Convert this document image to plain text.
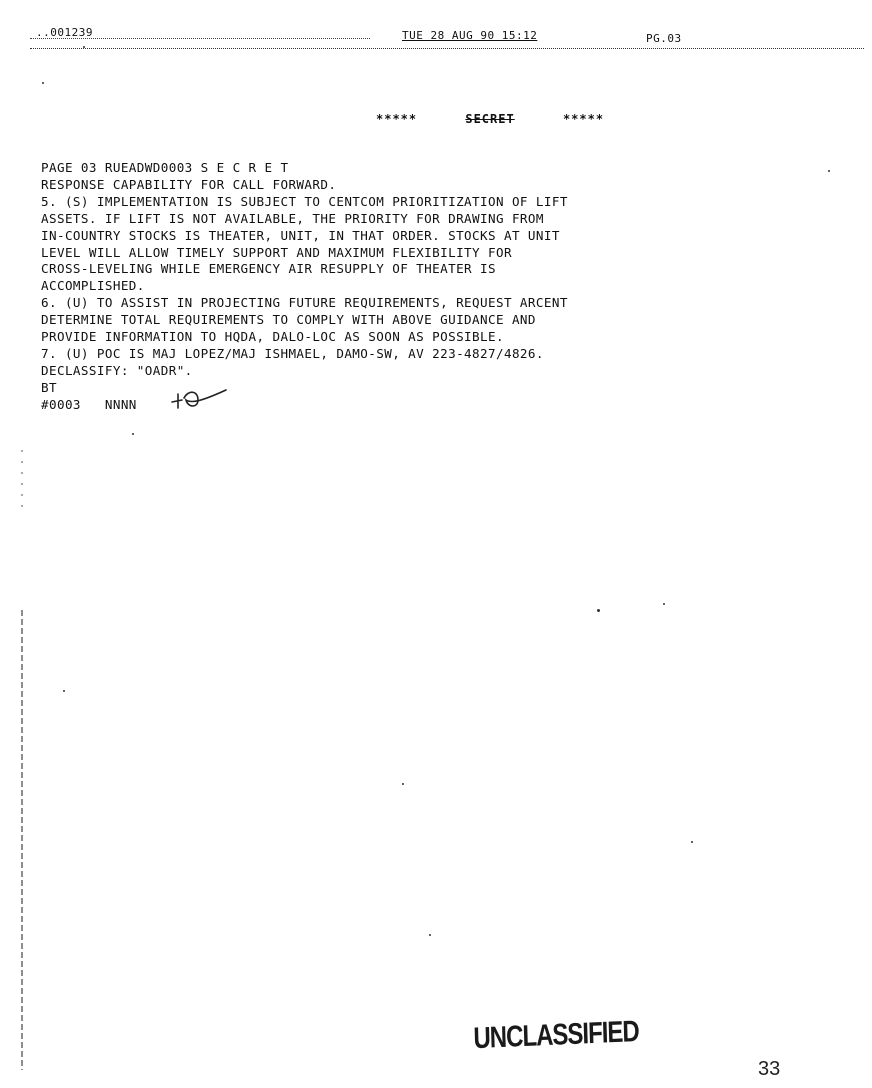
..001239	TUE 28 AUG 90 15:12	PG.03
*****	SECRET	*****
PAGE 03 RUEADWD0003 S E C R E T
RESPONSE CAPABILITY FOR CALL FORWARD.
5. (S) IMPLEMENTATION IS SUBJECT TO CENTCOM PRIORITIZATION OF LIFT
ASSETS. IF LIFT IS NOT AVAILABLE, THE PRIORITY FOR DRAWING FROM
IN-COUNTRY STOCKS IS THEATER, UNIT, IN THAT ORDER. STOCKS AT UNIT
LEVEL WILL ALLOW TIMELY SUPPORT AND MAXIMUM FLEXIBILITY FOR
CROSS-LEVELING WHILE EMERGENCY AIR RESUPPLY OF THEATER IS
ACCOMPLISHED.
6. (U) TO ASSIST IN PROJECTING FUTURE REQUIREMENTS, REQUEST ARCENT
DETERMINE TOTAL REQUIREMENTS TO COMPLY WITH ABOVE GUIDANCE AND
PROVIDE INFORMATION TO HQDA, DALO-LOC AS SOON AS POSSIBLE.
7. (U) POC IS MAJ LOPEZ/MAJ ISHMAEL, DAMO-SW, AV 223-4827/4826.
DECLASSIFY: "OADR".
BT
#0003   NNNN
UNCLASSIFIED
33
